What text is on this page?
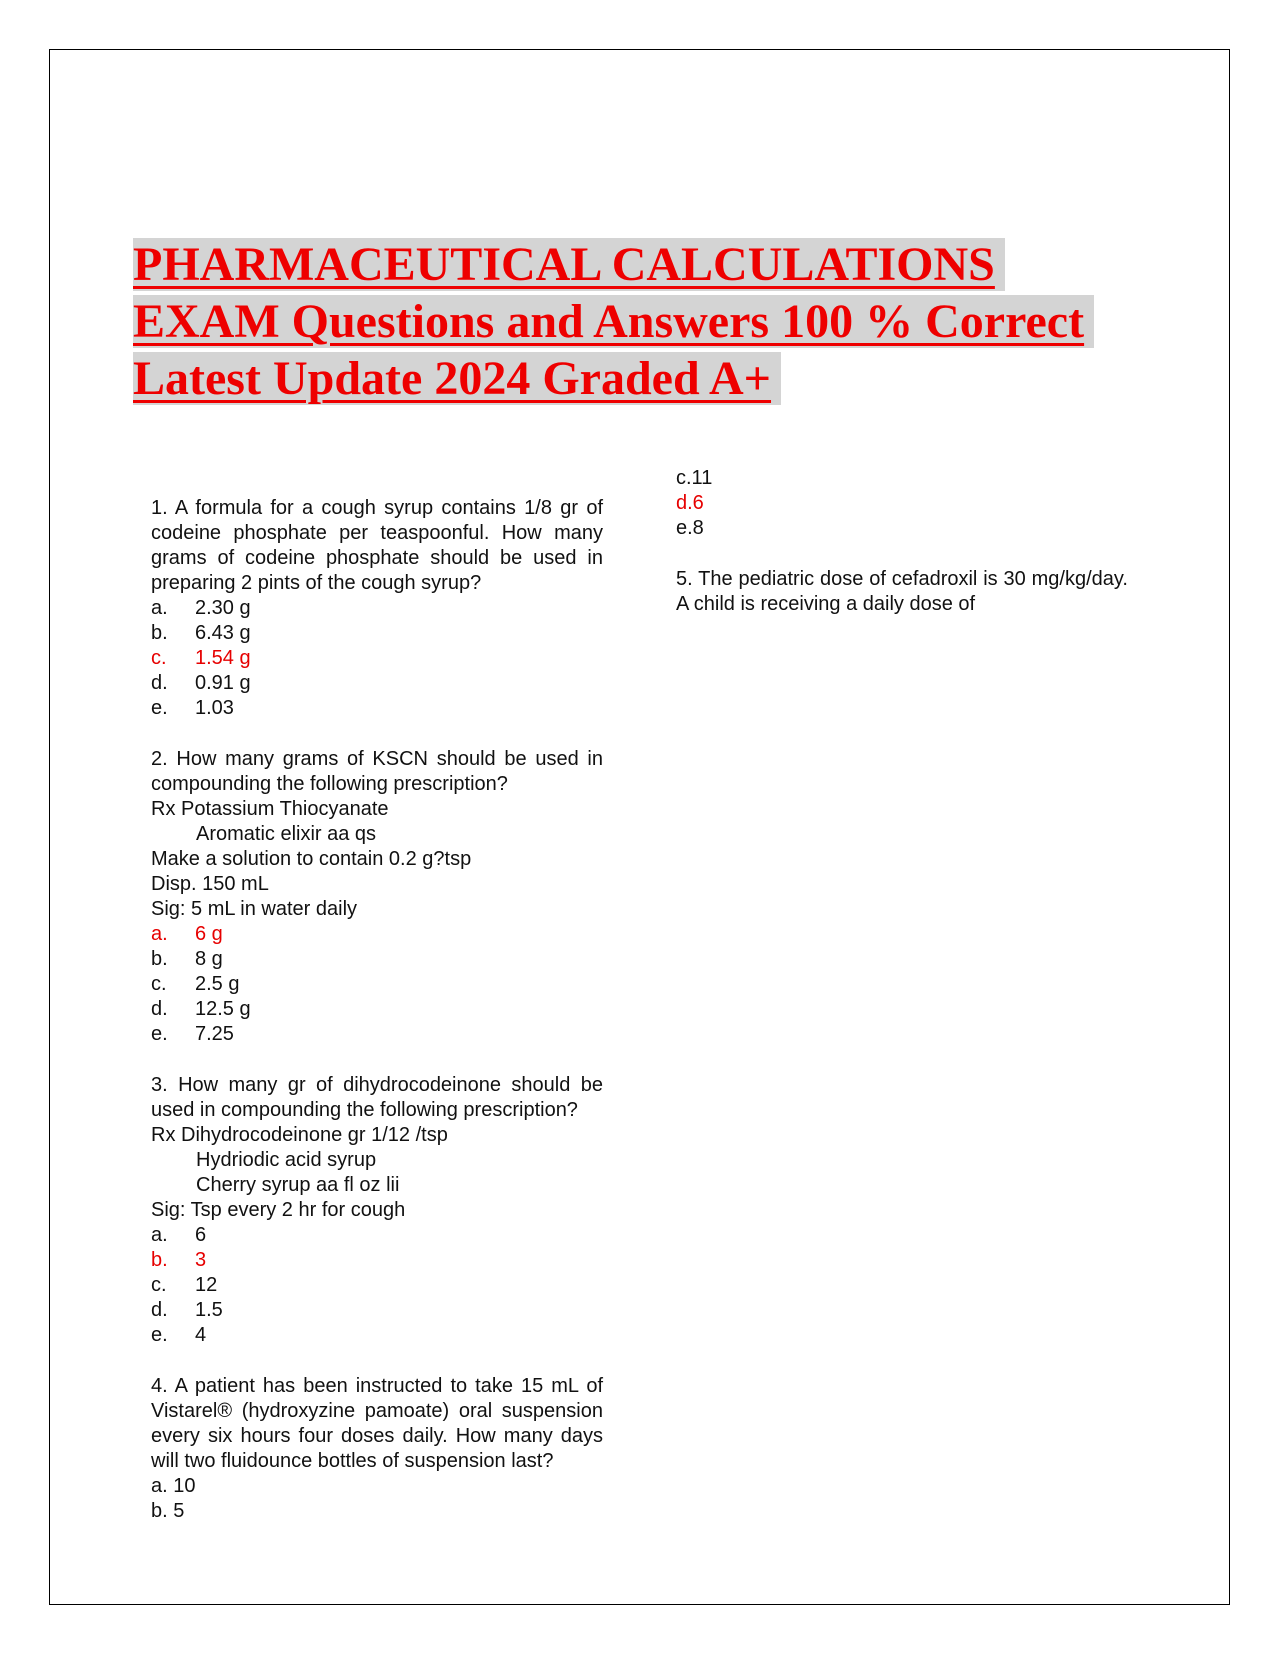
PHARMACEUTICAL CALCULATIONS
EXAM Questions and Answers 100 % Correct
Latest Update 2024 Graded A+

1. A formula for a cough syrup contains 1/8 gr of codeine phosphate per teaspoonful. How many grams of codeine phosphate should be used in preparing 2 pints of the cough syrup?

a. 2.30 g
b. 6.43 g
c. 1.54 g
d. 0.91 g
e. 1.03

2. How many grams of KSCN should be used in compounding the following prescription?

Rx Potassium Thiocyanate
Aromatic elixir aa qs
Make a solution to contain 0.2 g?tsp
Disp. 150 mL
Sig: 5 mL in water daily
a. 6 g
b. 8 g
c. 2.5 g
d. 12.5 g
e. 7.25

3. How many gr of dihydrocodeinone should be used in compounding the following prescription?

Rx Dihydrocodeinone gr 1/12 /tsp
Hydriodic acid syrup
Cherry syrup aa fl oz lii
Sig: Tsp every 2 hr for cough
a. 6
b. 3
c. 12
d. 1.5
e. 4

4. A patient has been instructed to take 15 mL of Vistarel® (hydroxyzine pamoate) oral suspension every six hours four doses daily. How many days will two fluidounce bottles of suspension last?

a. 10
b. 5
c.11
d.6
e.8

5. The pediatric dose of cefadroxil is 30 mg/kg/day. A child is receiving a daily dose of
